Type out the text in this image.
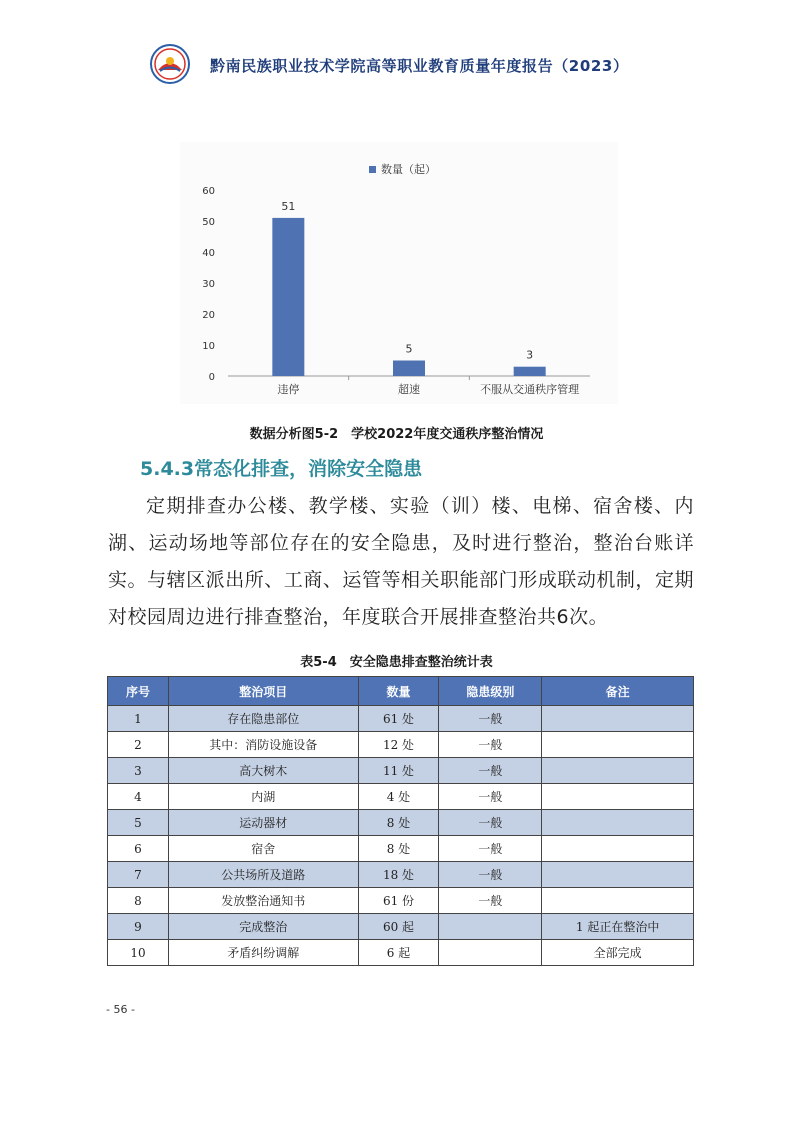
黔南民族职业技术学院高等职业教育质量年度报告（2023）
数量（起）
0
10
20
30
40
50
60
51
违停
5
超速
3
不服从交通秩序管理
数据分析图5-2　学校2022年度交通秩序整治情况
5.4.3常态化排查，消除安全隐患
定期排查办公楼、教学楼、实验（训）楼、电梯、宿舍楼、内湖、运动场地等部位存在的安全隐患，及时进行整治，整治台账详实。与辖区派出所、工商、运管等相关职能部门形成联动机制，定期对校园周边进行排查整治，年度联合开展排查整治共6次。
表5-4　安全隐患排查整治统计表
序号	整治项目	数量	隐患级别	备注
1	存在隐患部位	61 处	一般	
2	其中：消防设施设备	12 处	一般	
3	高大树木	11 处	一般	
4	内湖	4 处	一般	
5	运动器材	8 处	一般	
6	宿舍	8 处	一般	
7	公共场所及道路	18 处	一般	
8	发放整治通知书	61 份	一般	
9	完成整治	60 起		1 起正在整治中
10	矛盾纠纷调解	6 起		全部完成
- 56 -
